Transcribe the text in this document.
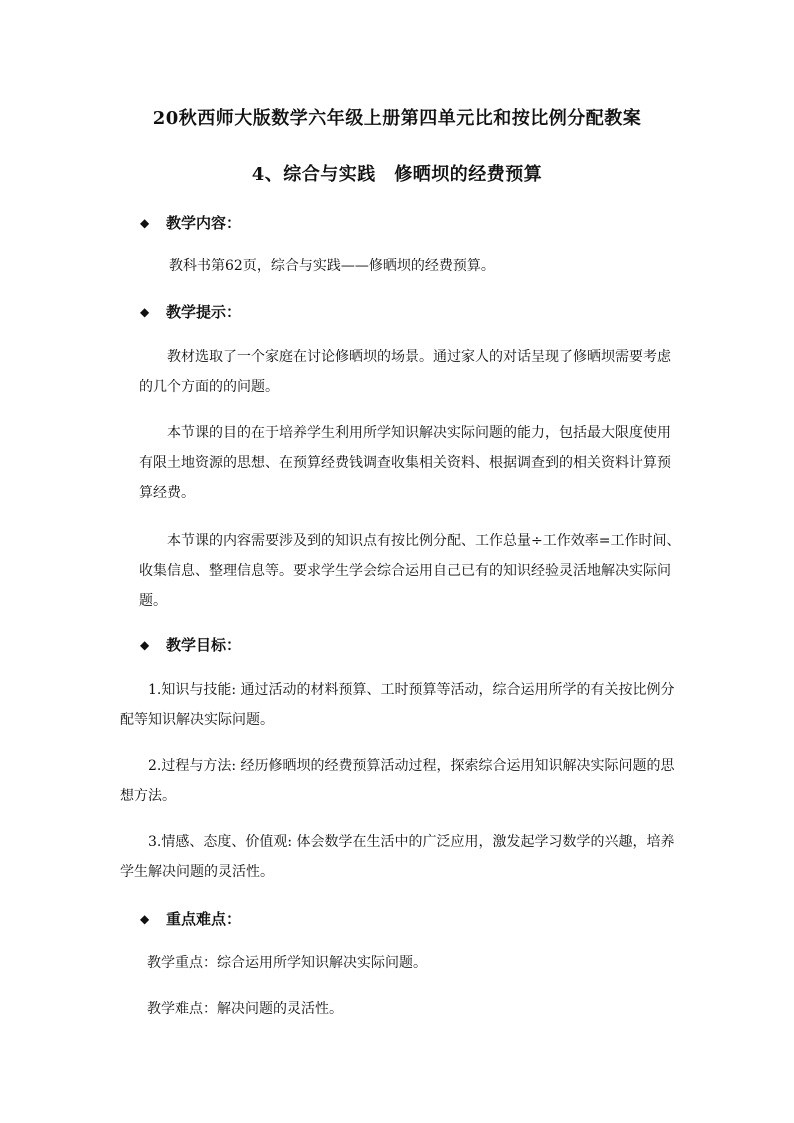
20秋西师大版数学六年级上册第四单元比和按比例分配教案
4、综合与实践　修晒坝的经费预算
◆ 教学内容：

教科书第62页，综合与实践——修晒坝的经费预算。

◆ 教学提示：

教材选取了一个家庭在讨论修晒坝的场景。通过家人的对话呈现了修晒坝需要考虑的几个方面的的问题。

本节课的目的在于培养学生利用所学知识解决实际问题的能力，包括最大限度使用有限土地资源的思想、在预算经费钱调查收集相关资料、根据调查到的相关资料计算预算经费。

本节课的内容需要涉及到的知识点有按比例分配、工作总量÷工作效率=工作时间、收集信息、整理信息等。要求学生学会综合运用自己已有的知识经验灵活地解决实际问题。

◆ 教学目标：

1.知识与技能: 通过活动的材料预算、工时预算等活动，综合运用所学的有关按比例分配等知识解决实际问题。

2.过程与方法: 经历修晒坝的经费预算活动过程，探索综合运用知识解决实际问题的思想方法。

3.情感、态度、价值观: 体会数学在生活中的广泛应用，激发起学习数学的兴趣，培养学生解决问题的灵活性。

◆ 重点难点：

教学重点：综合运用所学知识解决实际问题。

教学难点：解决问题的灵活性。
